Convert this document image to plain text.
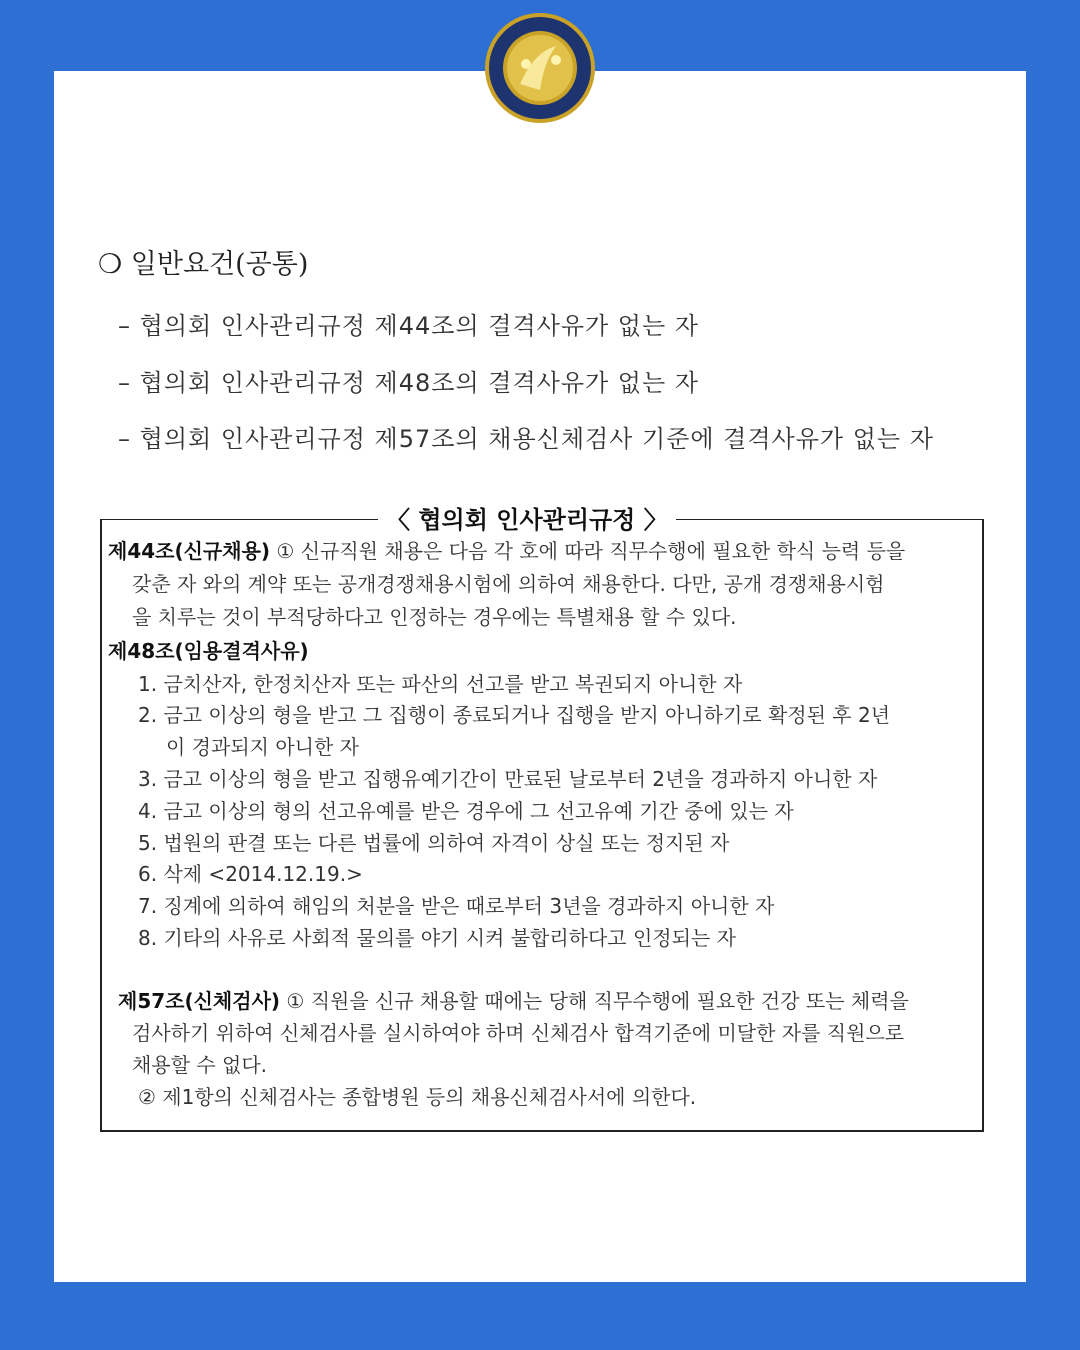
❍ 일반요건(공통)
– 협의회 인사관리규정 제44조의 결격사유가 없는 자
– 협의회 인사관리규정 제48조의 결격사유가 없는 자
– 협의회 인사관리규정 제57조의 채용신체검사 기준에 결격사유가 없는 자
〈 협의회 인사관리규정 〉
제44조(신규채용) ① 신규직원 채용은 다음 각 호에 따라 직무수행에 필요한 학식 능력 등을
갖춘 자 와의 계약 또는 공개경쟁채용시험에 의하여 채용한다. 다만, 공개 경쟁채용시험
을 치루는 것이 부적당하다고 인정하는 경우에는 특별채용 할 수 있다.
제48조(임용결격사유)
1. 금치산자, 한정치산자 또는 파산의 선고를 받고 복권되지 아니한 자
2. 금고 이상의 형을 받고 그 집행이 종료되거나 집행을 받지 아니하기로 확정된 후 2년
이 경과되지 아니한 자
3. 금고 이상의 형을 받고 집행유예기간이 만료된 날로부터 2년을 경과하지 아니한 자
4. 금고 이상의 형의 선고유예를 받은 경우에 그 선고유예 기간 중에 있는 자
5. 법원의 판결 또는 다른 법률에 의하여 자격이 상실 또는 정지된 자
6. 삭제 <2014.12.19.>
7. 징계에 의하여 해임의 처분을 받은 때로부터 3년을 경과하지 아니한 자
8. 기타의 사유로 사회적 물의를 야기 시켜 불합리하다고 인정되는 자
제57조(신체검사) ① 직원을 신규 채용할 때에는 당해 직무수행에 필요한 건강 또는 체력을
검사하기 위하여 신체검사를 실시하여야 하며 신체검사 합격기준에 미달한 자를 직원으로
채용할 수 없다.
② 제1항의 신체검사는 종합병원 등의 채용신체검사서에 의한다.
